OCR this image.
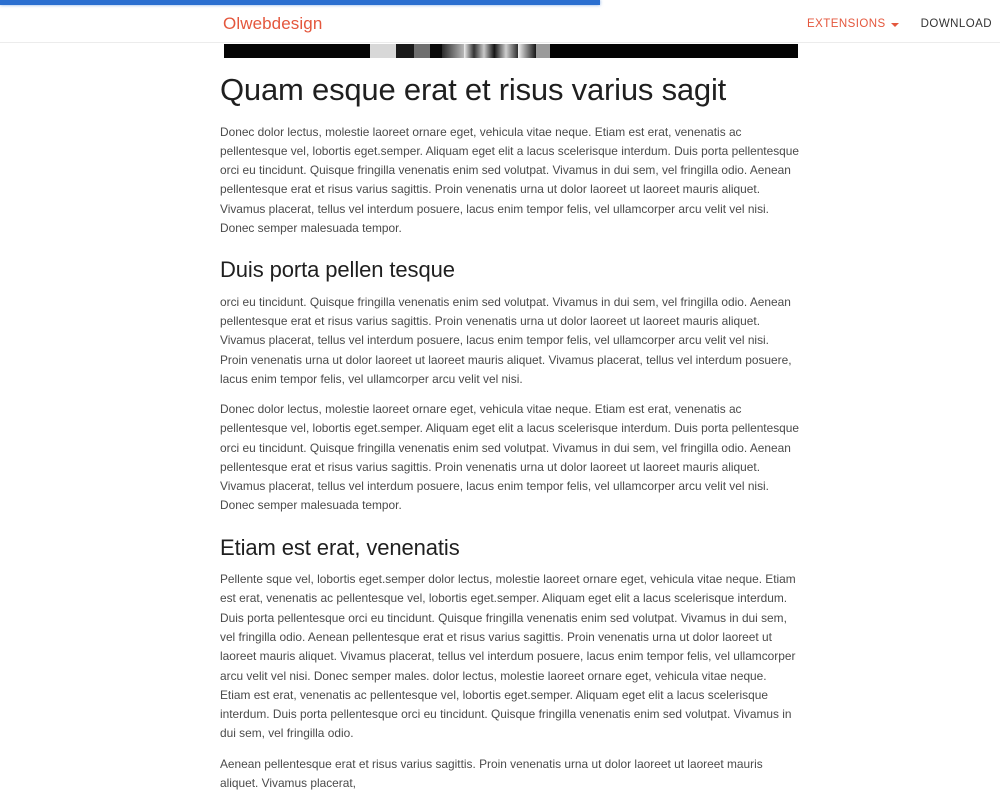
Olwebdesign	EXTENSIONS	DOWNLOAD
Quam esque erat et risus varius sagit

Donec dolor lectus, molestie laoreet ornare eget, vehicula vitae neque. Etiam est erat, venenatis ac pellentesque vel, lobortis eget.semper. Aliquam eget elit a lacus scelerisque interdum. Duis porta pellentesque orci eu tincidunt. Quisque fringilla venenatis enim sed volutpat. Vivamus in dui sem, vel fringilla odio. Aenean pellentesque erat et risus varius sagittis. Proin venenatis urna ut dolor laoreet ut laoreet mauris aliquet. Vivamus placerat, tellus vel interdum posuere, lacus enim tempor felis, vel ullamcorper arcu velit vel nisi. Donec semper malesuada tempor.

Duis porta pellen tesque

orci eu tincidunt. Quisque fringilla venenatis enim sed volutpat. Vivamus in dui sem, vel fringilla odio. Aenean pellentesque erat et risus varius sagittis. Proin venenatis urna ut dolor laoreet ut laoreet mauris aliquet. Vivamus placerat, tellus vel interdum posuere, lacus enim tempor felis, vel ullamcorper arcu velit vel nisi. Proin venenatis urna ut dolor laoreet ut laoreet mauris aliquet. Vivamus placerat, tellus vel interdum posuere, lacus enim tempor felis, vel ullamcorper arcu velit vel nisi.

Donec dolor lectus, molestie laoreet ornare eget, vehicula vitae neque. Etiam est erat, venenatis ac pellentesque vel, lobortis eget.semper. Aliquam eget elit a lacus scelerisque interdum. Duis porta pellentesque orci eu tincidunt. Quisque fringilla venenatis enim sed volutpat. Vivamus in dui sem, vel fringilla odio. Aenean pellentesque erat et risus varius sagittis. Proin venenatis urna ut dolor laoreet ut laoreet mauris aliquet. Vivamus placerat, tellus vel interdum posuere, lacus enim tempor felis, vel ullamcorper arcu velit vel nisi. Donec semper malesuada tempor.

Etiam est erat, venenatis

Pellente sque vel, lobortis eget.semper dolor lectus, molestie laoreet ornare eget, vehicula vitae neque. Etiam est erat, venenatis ac pellentesque vel, lobortis eget.semper. Aliquam eget elit a lacus scelerisque interdum. Duis porta pellentesque orci eu tincidunt. Quisque fringilla venenatis enim sed volutpat. Vivamus in dui sem, vel fringilla odio. Aenean pellentesque erat et risus varius sagittis. Proin venenatis urna ut dolor laoreet ut laoreet mauris aliquet. Vivamus placerat, tellus vel interdum posuere, lacus enim tempor felis, vel ullamcorper arcu velit vel nisi. Donec semper males. dolor lectus, molestie laoreet ornare eget, vehicula vitae neque. Etiam est erat, venenatis ac pellentesque vel, lobortis eget.semper. Aliquam eget elit a lacus scelerisque interdum. Duis porta pellentesque orci eu tincidunt. Quisque fringilla venenatis enim sed volutpat. Vivamus in dui sem, vel fringilla odio.

Aenean pellentesque erat et risus varius sagittis. Proin venenatis urna ut dolor laoreet ut laoreet mauris aliquet. Vivamus placerat,
